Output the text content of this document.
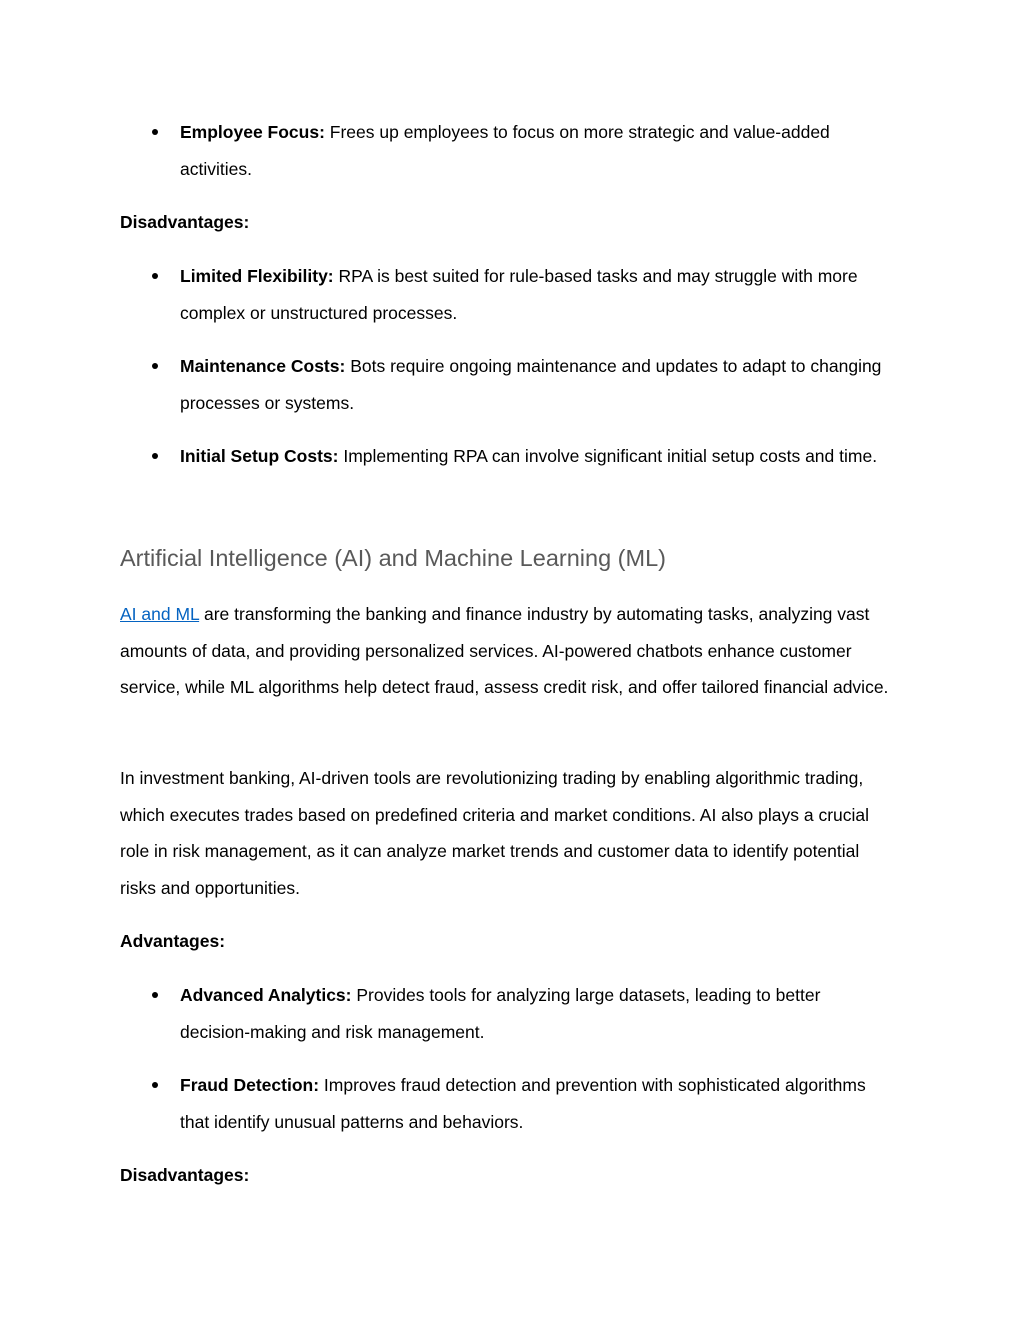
Employee Focus: Frees up employees to focus on more strategic and value-added activities.
Disadvantages:
Limited Flexibility: RPA is best suited for rule-based tasks and may struggle with more complex or unstructured processes.
Maintenance Costs: Bots require ongoing maintenance and updates to adapt to changing processes or systems.
Initial Setup Costs: Implementing RPA can involve significant initial setup costs and time.
Artificial Intelligence (AI) and Machine Learning (ML)
AI and ML are transforming the banking and finance industry by automating tasks, analyzing vast amounts of data, and providing personalized services. AI-powered chatbots enhance customer service, while ML algorithms help detect fraud, assess credit risk, and offer tailored financial advice.
In investment banking, AI-driven tools are revolutionizing trading by enabling algorithmic trading, which executes trades based on predefined criteria and market conditions. AI also plays a crucial role in risk management, as it can analyze market trends and customer data to identify potential risks and opportunities.
Advantages:
Advanced Analytics: Provides tools for analyzing large datasets, leading to better decision-making and risk management.
Fraud Detection: Improves fraud detection and prevention with sophisticated algorithms that identify unusual patterns and behaviors.
Disadvantages:
